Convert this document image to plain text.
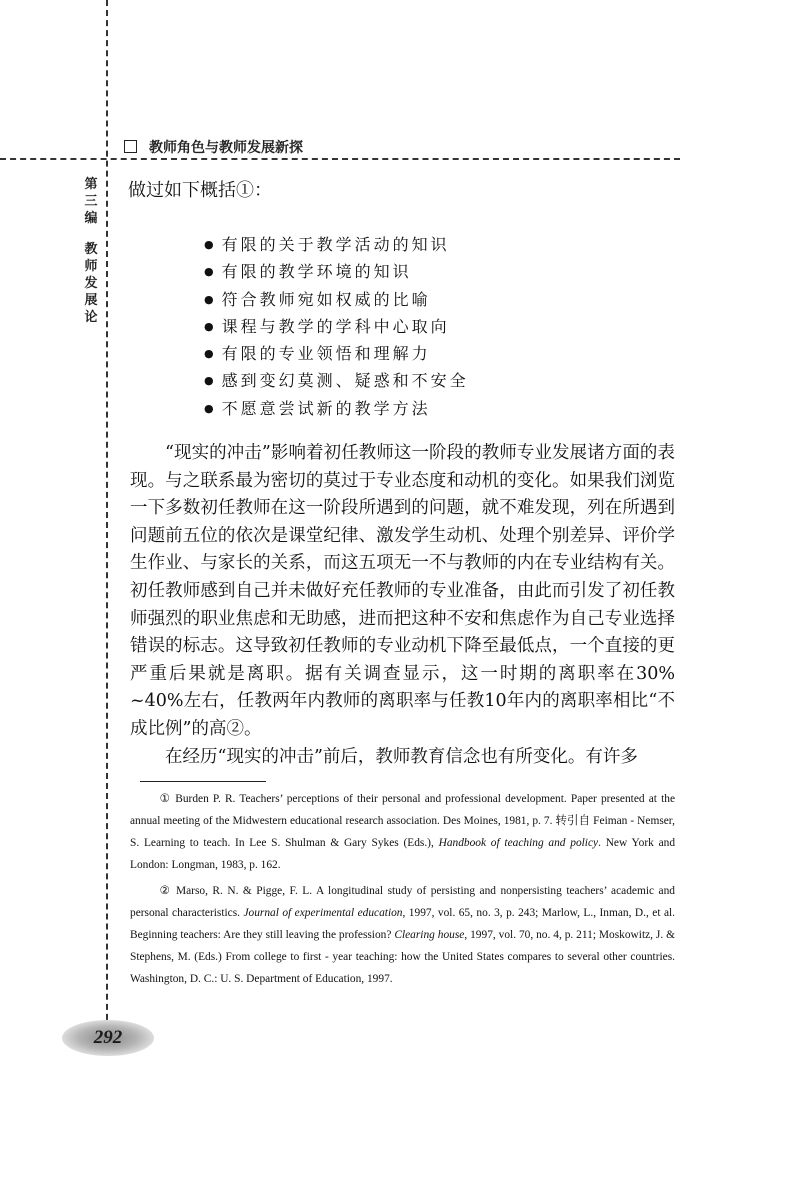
教师角色与教师发展新探
第三编
教师发展论
做过如下概括①：
● 有限的关于教学活动的知识
● 有限的教学环境的知识
● 符合教师宛如权威的比喻
● 课程与教学的学科中心取向
● 有限的专业领悟和理解力
● 感到变幻莫测、疑惑和不安全
● 不愿意尝试新的教学方法

“现实的冲击”影响着初任教师这一阶段的教师专业发展诸方面的表现。与之联系最为密切的莫过于专业态度和动机的变化。如果我们浏览一下多数初任教师在这一阶段所遇到的问题，就不难发现，列在所遇到问题前五位的依次是课堂纪律、激发学生动机、处理个别差异、评价学生作业、与家长的关系，而这五项无一不与教师的内在专业结构有关。初任教师感到自己并未做好充任教师的专业准备，由此而引发了初任教师强烈的职业焦虑和无助感，进而把这种不安和焦虑作为自己专业选择错误的标志。这导致初任教师的专业动机下降至最低点，一个直接的更严重后果就是离职。据有关调查显示，这一时期的离职率在30% ~40%左右，任教两年内教师的离职率与任教10年内的离职率相比“不成比例”的高②。

在经历“现实的冲击”前后，教师教育信念也有所变化。有许多

① Burden P. R. Teachers’ perceptions of their personal and professional development. Paper presented at the annual meeting of the Midwestern educational research association. Des Moines, 1981, p. 7. 转引自 Feiman - Nemser, S. Learning to teach. In Lee S. Shulman & Gary Sykes (Eds.), Handbook of teaching and policy. New York and London: Longman, 1983, p. 162.

② Marso, R. N. & Pigge, F. L. A longitudinal study of persisting and nonpersisting teachers’ academic and personal characteristics. Journal of experimental education, 1997, vol. 65, no. 3, p. 243; Marlow, L., Inman, D., et al. Beginning teachers: Are they still leaving the profession? Clearing house, 1997, vol. 70, no. 4, p. 211; Moskowitz, J. & Stephens, M. (Eds.) From college to first - year teaching: how the United States compares to several other countries. Washington, D. C.: U. S. Department of Education, 1997.

292
